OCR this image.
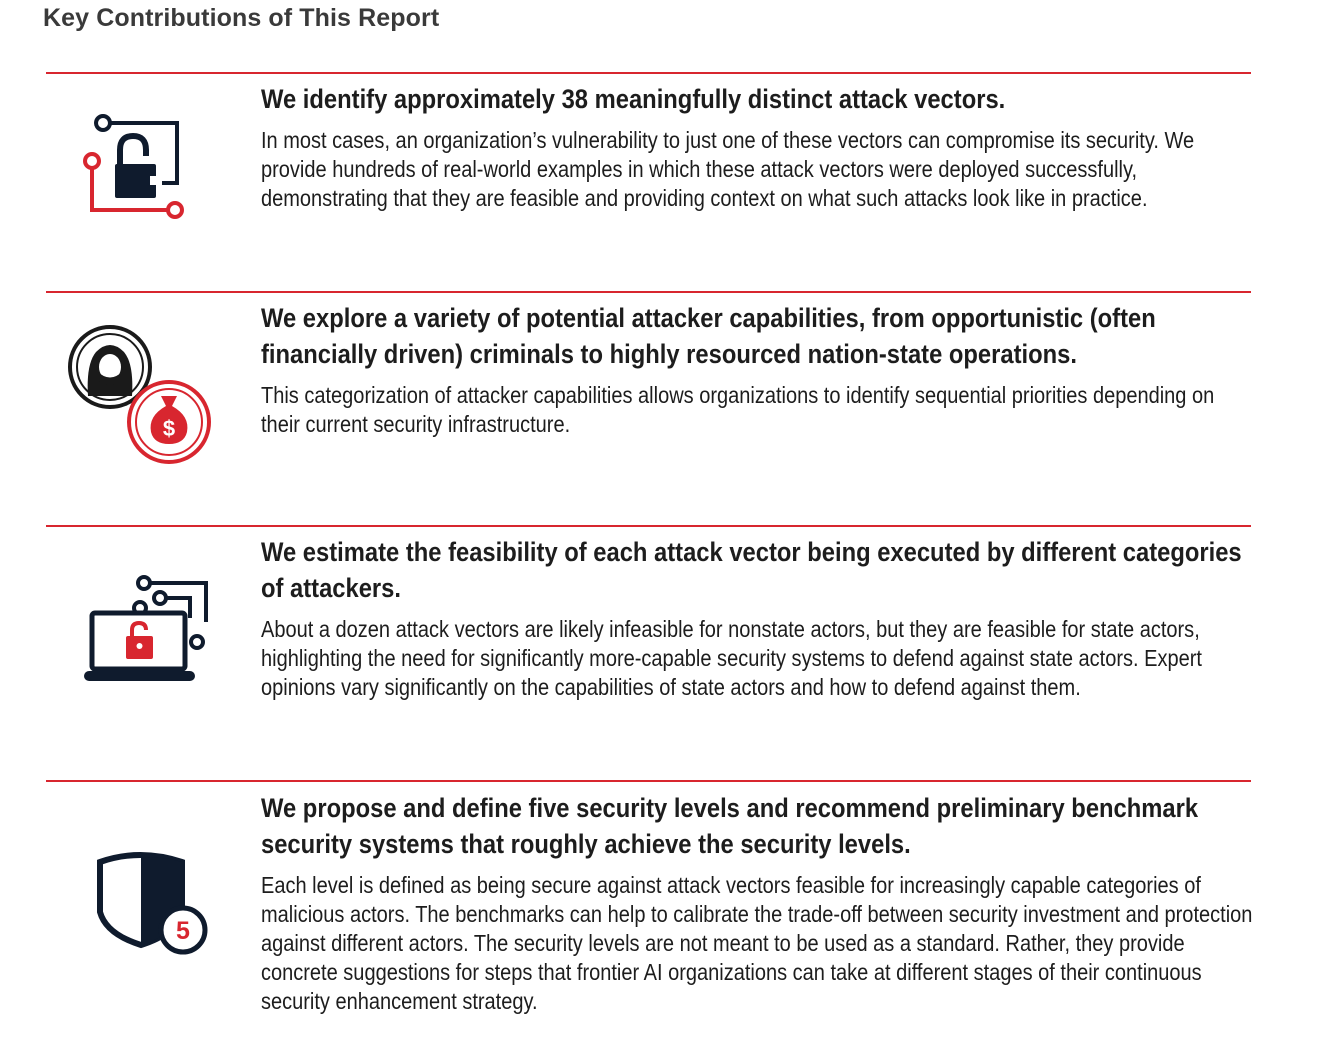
Key Contributions of This Report

We identify approximately 38 meaningfully distinct attack vectors.

In most cases, an organization’s vulnerability to just one of these vectors can compromise its security. We provide hundreds of real-world examples in which these attack vectors were deployed successfully, demonstrating that they are feasible and providing context on what such attacks look like in practice.

$

We explore a variety of potential attacker capabilities, from opportunistic (often financially driven) criminals to highly resourced nation-state operations.

This categorization of attacker capabilities allows organizations to identify sequential priorities depending on their current security infrastructure.

We estimate the feasibility of each attack vector being executed by different categories of attackers.

About a dozen attack vectors are likely infeasible for nonstate actors, but they are feasible for state actors, highlighting the need for significantly more-capable security systems to defend against state actors. Expert opinions vary significantly on the capabilities of state actors and how to defend against them.

5

We propose and define five security levels and recommend preliminary benchmark security systems that roughly achieve the security levels.

Each level is defined as being secure against attack vectors feasible for increasingly capable categories of malicious actors. The benchmarks can help to calibrate the trade-off between security investment and protection against different actors. The security levels are not meant to be used as a standard. Rather, they provide concrete suggestions for steps that frontier AI organizations can take at different stages of their continuous security enhancement strategy.
